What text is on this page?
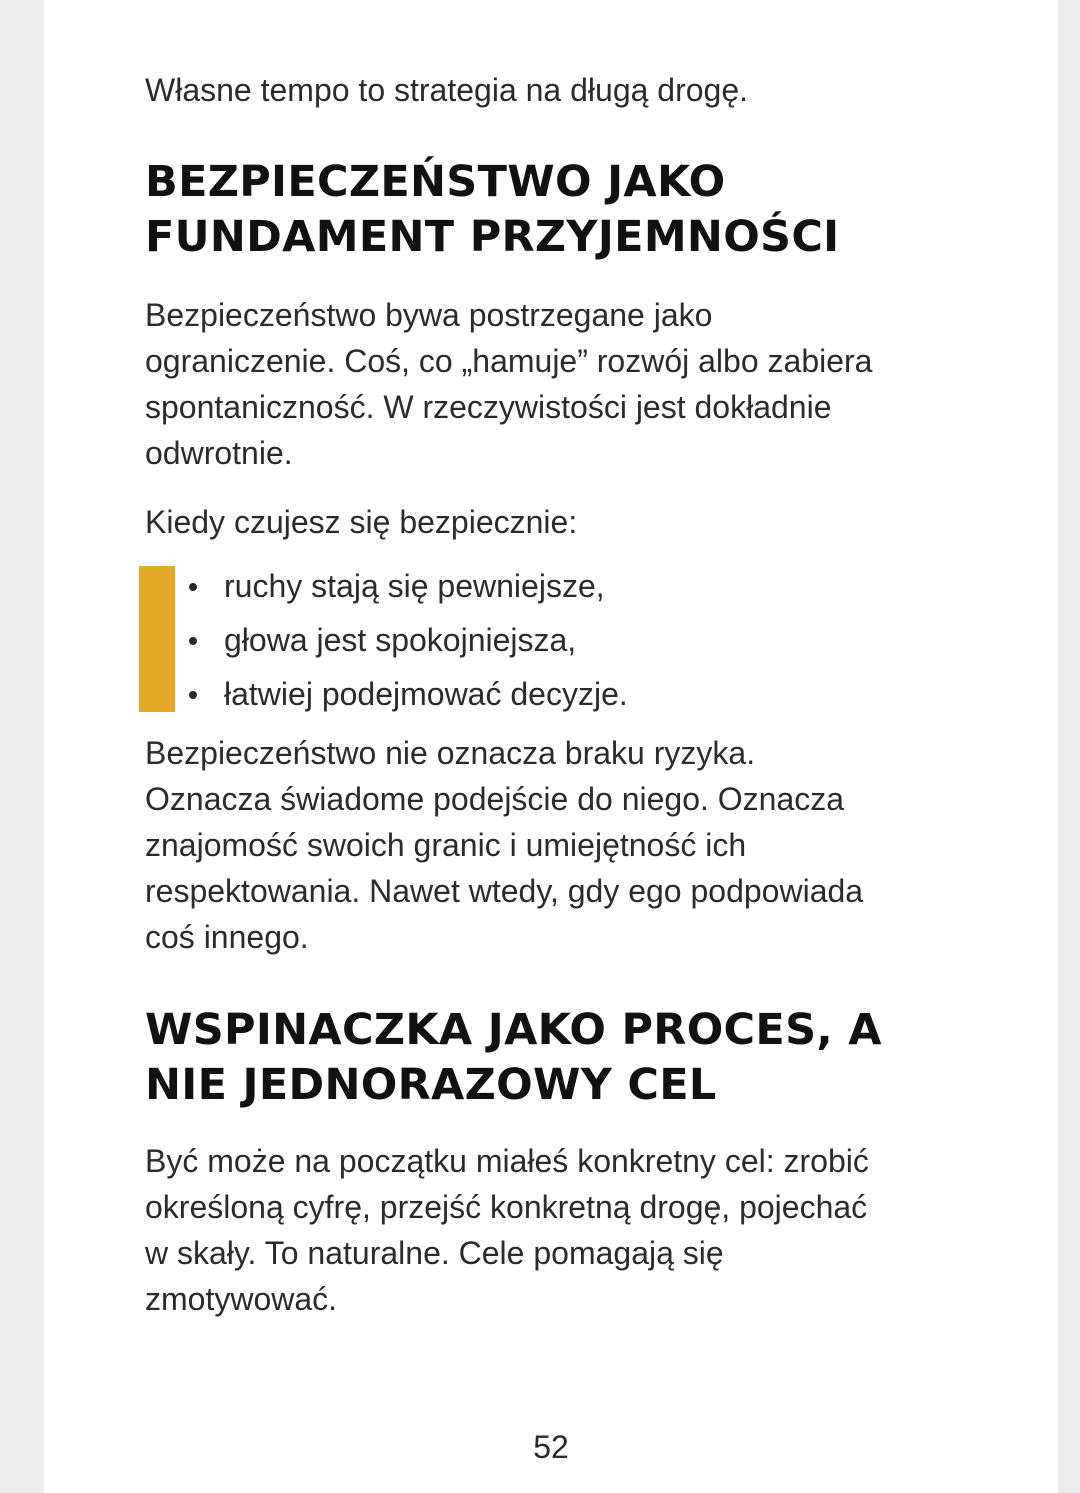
Własne tempo to strategia na długą drogę.

BEZPIECZEŃSTWO JAKO
FUNDAMENT PRZYJEMNOŚCI
Bezpieczeństwo bywa postrzegane jako
ograniczenie. Coś, co „hamuje” rozwój albo zabiera
spontaniczność. W rzeczywistości jest dokładnie
odwrotnie.

Kiedy czujesz się bezpiecznie:

ruchy stają się pewniejsze,
głowa jest spokojniejsza,
łatwiej podejmować decyzje.
Bezpieczeństwo nie oznacza braku ryzyka.
Oznacza świadome podejście do niego. Oznacza
znajomość swoich granic i umiejętność ich
respektowania. Nawet wtedy, gdy ego podpowiada
coś innego.
WSPINACZKA JAKO PROCES, A
NIE JEDNORAZOWY CEL
Być może na początku miałeś konkretny cel: zrobić
określoną cyfrę, przejść konkretną drogę, pojechać
w skały. To naturalne. Cele pomagają się
zmotywować.
52
